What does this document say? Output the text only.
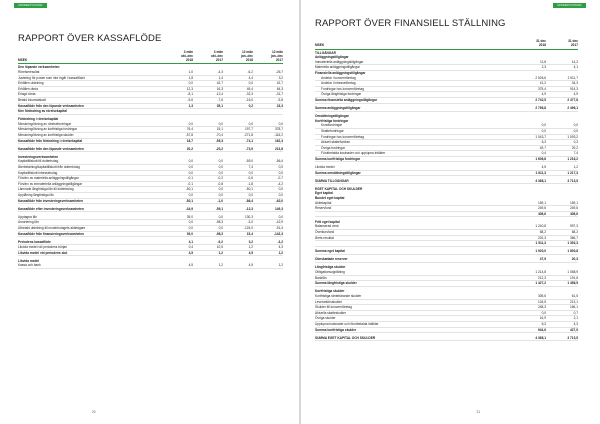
ÅRSREDOVISNING
RAPPORT ÖVER KASSAFLÖDE
MSEK
3 mån
okt–dec
2018
3 mån
okt–dec
2017
12 mån
jan–dec
2018
12 mån
jan–dec
2017
Den löpande verksamheten
Rörelseresultat	1,0	-4,3	-6,2	-26,7
Justering för poster som inte ingår i kassaflödet	1,8	1,4	4,4	3,2
Erhållen utdelning	0,0	42,7	0,0	42,7
Erhållen ränta	12,3	16,3	49,4	64,3
Erlagd ränta	-8,1	-12,4	-32,3	-31,7
Betald inkomstskatt	-5,6	-7,6	-16,0	-9,8
Kassaflöde från den löpande verksamheten	1,3	35,1	0,2	23,3
före förändring av rörelsekapital
Förändring i rörelsekapital
Minskning/ökning av rörelsefordringar	0,0	0,0	0,0	0,0
Minskning/ökning av kortfristiga fordringar	76,4	15,1	197,7	378,7
Minskning/ökning av kortfristiga skulder	-57,8	-70,4	-271,8	-116,2
Kassaflöde från förändring i rörelsekapital	18,7	-55,3	-74,1	162,3
Kassaflöde från den löpande verksamheten	20,2	-20,2	-73,9	213,8
Investeringsverksamheten
Kapitaltillskott till dotterbolag	0,0	0,0	-59,0	-56,4
Återbetalning/kapitaltillskott från dotterbolag	0,0	0,0	7,4	0,0
Kapitaltillskott intressebolag	0,0	0,0	0,0	0,0
Förvärv av materiella anläggningstillgångar	-0,1	-0,2	-0,6	-0,7
Förvärv av immateriella anläggningstillgångar	-0,1	-0,8	-1,8	-4,2
Lämnade långfristiga lån till dotterbolag	-50,1	0,0	-50,1	0,0
Upplåning långfristiga lån	0,0	0,0	0,0	0,0
Kassaflöde från investeringsverksamheten	-50,1	-1,0	-86,4	-62,0
Kassaflöde efter investeringsverksamheten	-34,9	-59,1	-12,3	149,3
Upptagna lån	39,0	0,0	130,3	0,0
Amortering lån	0,0	-98,3	-3,0	-42,9
Utbetald utdelning till moderbolagets aktieägare	0,0	0,0	-124,0	-91,4
Kassaflöde från finansieringsverksamheten	39,0	-98,3	15,4	-142,3
Periodens kassaflöde	4,1	-9,2	3,2	-3,2
Likvida medel vid periodens början	0,4	10,5	1,2	4,3
Likvida medel vid periodens slut	4,5	1,2	4,5	1,2
Likvida medel
Kassa och bank	4,5	1,2	4,5	1,2
20
ÅRSREDOVISNING
RAPPORT ÖVER FINANSIELL STÄLLNING
MSEK
31 dec
2018
31 dec
2017
TILLGÅNGAR
Anläggningstillgångar
Immateriella anläggningstillgångar	11,8	14,2
Materiella anläggningstillgångar	2,3	4,1
Finansiella anläggningstillgångar
Andelar i koncernföretag	2 526,6	2 511,7
Andelar i intresseföretag	41,2	34,3
Fordringar hos koncernföretag	375,4	914,3
Övriga långfristiga fordringar	4,9	4,9
Summa finansiella anläggningstillgångar	2 742,5	2 477,8
Summa anläggningstillgångar	2 756,8	2 496,1
Omsättningstillgångar
Kortfristiga fordringar
Kundfordringar	0,0	0,0
Skattefordringar	0,0	0,0
Fordringar hos koncernföretag	1 043,7	1 093,2
Aktuell skattefordran	6,3	0,3
Övriga fordringar	49,7	29,2
Förutbetalda kostnader och upplupna intäkter	0,4	7,4
Summa kortfristiga fordringar	1 606,8	1 216,2
Likvida medel	4,5	1,2
Summa omsättningstillgångar	1 611,3	1 217,3
SUMMA TILLGÅNGAR	4 368,1	3 713,5
EGET KAPITAL OCH SKULDER
Eget kapital
Bundet eget kapital
Aktiekapital	159,1	159,1
Reservfond	249,6	249,6
408,6	408,6
Fritt eget kapital
Balanserad vinst	1 240,8	997,3
Överkursfond	68,2	68,2
Årets resultat	202,3	366,7
1 511,3	1 392,3
Summa eget kapital	1 920,0	1 800,8
Obeskattade reserver	47,9	20,3
Långfristiga skulder
Obligationsupplåning	1 214,8	1 088,9
Banklån	212,3	191,6
Summa långfristiga skulder	1 427,2	1 456,5
Kortfristiga skulder
Kortfristiga räntebärande skulder	305,6	61,5
Leverantörsskulder	104,5	213,1
Skulder till koncernföretag	248,3	166,1
Aktuella skatteskulder	0,0	0,7
Övriga skulder	16,9	2,1
Upplupna kostnader och förutbetalda intäkter	6,3	4,3
Summa kortfristiga skulder	944,6	427,9
SUMMA EGET KAPITAL OCH SKULDER	4 368,1	3 713,5
21
